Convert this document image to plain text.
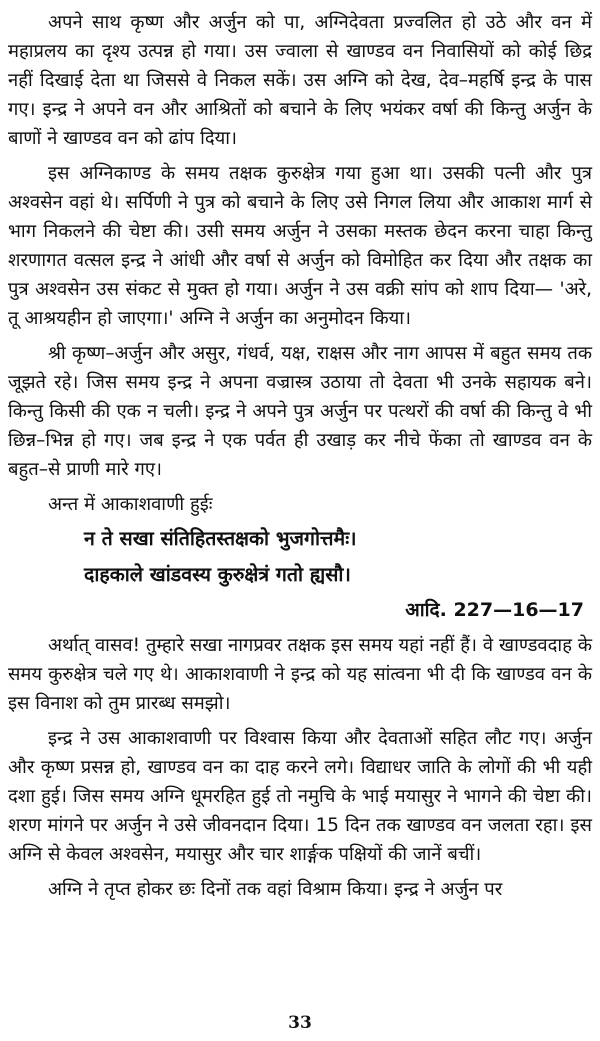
अपने साथ कृष्ण और अर्जुन को पा, अग्निदेवता प्रज्वलित हो उठे और वन में महाप्रलय का दृश्य उत्पन्न हो गया। उस ज्वाला से खाण्डव वन निवासियों को कोई छिद्र नहीं दिखाई देता था जिससे वे निकल सकें। उस अग्नि को देख, देव–महर्षि इन्द्र के पास गए। इन्द्र ने अपने वन और आश्रितों को बचाने के लिए भयंकर वर्षा की किन्तु अर्जुन के बाणों ने खाण्डव वन को ढांप दिया।

इस अग्निकाण्ड के समय तक्षक कुरुक्षेत्र गया हुआ था। उसकी पत्नी और पुत्र अश्वसेन वहां थे। सर्पिणी ने पुत्र को बचाने के लिए उसे निगल लिया और आकाश मार्ग से भाग निकलने की चेष्टा की। उसी समय अर्जुन ने उसका मस्तक छेदन करना चाहा किन्तु शरणागत वत्सल इन्द्र ने आंधी और वर्षा से अर्जुन को विमोहित कर दिया और तक्षक का पुत्र अश्वसेन उस संकट से मुक्त हो गया। अर्जुन ने उस वक्री सांप को शाप दिया— 'अरे, तू आश्रयहीन हो जाएगा।' अग्नि ने अर्जुन का अनुमोदन किया।

श्री कृष्ण–अर्जुन और असुर, गंधर्व, यक्ष, राक्षस और नाग आपस में बहुत समय तक जूझते रहे। जिस समय इन्द्र ने अपना वज्रास्त्र उठाया तो देवता भी उनके सहायक बने। किन्तु किसी की एक न चली। इन्द्र ने अपने पुत्र अर्जुन पर पत्थरों की वर्षा की किन्तु वे भी छिन्न–भिन्न हो गए। जब इन्द्र ने एक पर्वत ही उखाड़ कर नीचे फेंका तो खाण्डव वन के बहुत–से प्राणी मारे गए।

अन्त में आकाशवाणी हुईः

न ते सखा संतिहितस्तक्षको भुजगोत्तमैः।

दाहकाले खांडवस्य कुरुक्षेत्रं गतो ह्यसौ।

आदि. 227—16—17

अर्थात् वासव! तुम्हारे सखा नागप्रवर तक्षक इस समय यहां नहीं हैं। वे खाण्डवदाह के समय कुरुक्षेत्र चले गए थे। आकाशवाणी ने इन्द्र को यह सांत्वना भी दी कि खाण्डव वन के इस विनाश को तुम प्रारब्ध समझो।

इन्द्र ने उस आकाशवाणी पर विश्वास किया और देवताओं सहित लौट गए। अर्जुन और कृष्ण प्रसन्न हो, खाण्डव वन का दाह करने लगे। विद्याधर जाति के लोगों की भी यही दशा हुई। जिस समय अग्नि धूमरहित हुई तो नमुचि के भाई मयासुर ने भागने की चेष्टा की। शरण मांगने पर अर्जुन ने उसे जीवनदान दिया। 15 दिन तक खाण्डव वन जलता रहा। इस अग्नि से केवल अश्वसेन, मयासुर और चार शार्ङ्गक पक्षियों की जानें बचीं।

अग्नि ने तृप्त होकर छः दिनों तक वहां विश्राम किया। इन्द्र ने अर्जुन पर

33
